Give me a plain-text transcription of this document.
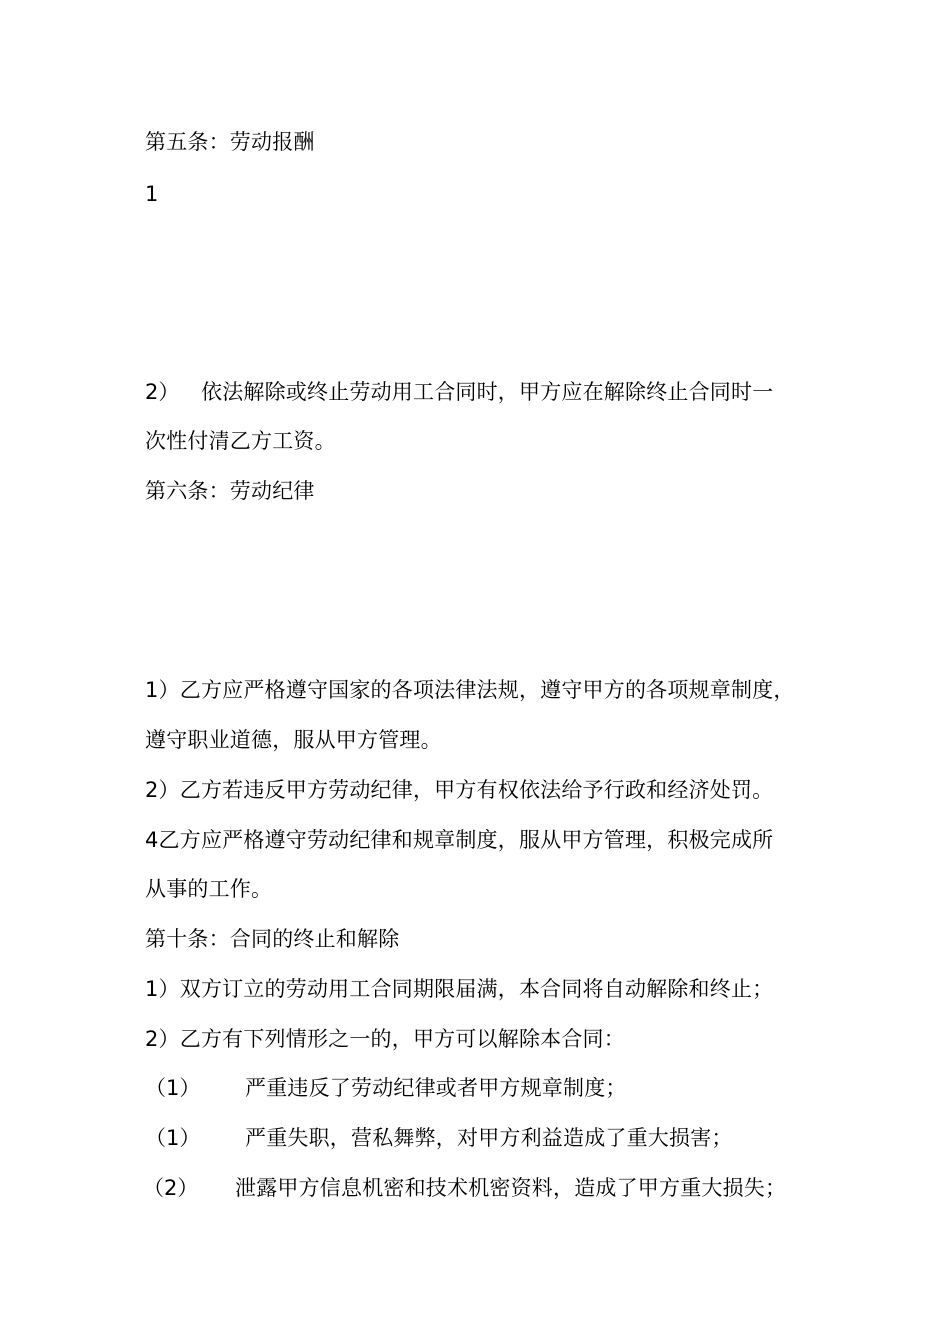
第五条：劳动报酬
1
2） 依法解除或终止劳动用工合同时，甲方应在解除终止合同时一
次性付清乙方工资。
第六条：劳动纪律
1）乙方应严格遵守国家的各项法律法规，遵守甲方的各项规章制度，
遵守职业道德，服从甲方管理。
2）乙方若违反甲方劳动纪律，甲方有权依法给予行政和经济处罚。
4乙方应严格遵守劳动纪律和规章制度，服从甲方管理，积极完成所
从事的工作。
第十条：合同的终止和解除
1）双方订立的劳动用工合同期限届满，本合同将自动解除和终止；
2）乙方有下列情形之一的，甲方可以解除本合同：
（1） 严重违反了劳动纪律或者甲方规章制度；
（1） 严重失职，营私舞弊，对甲方利益造成了重大损害；
（2） 泄露甲方信息机密和技术机密资料，造成了甲方重大损失；
